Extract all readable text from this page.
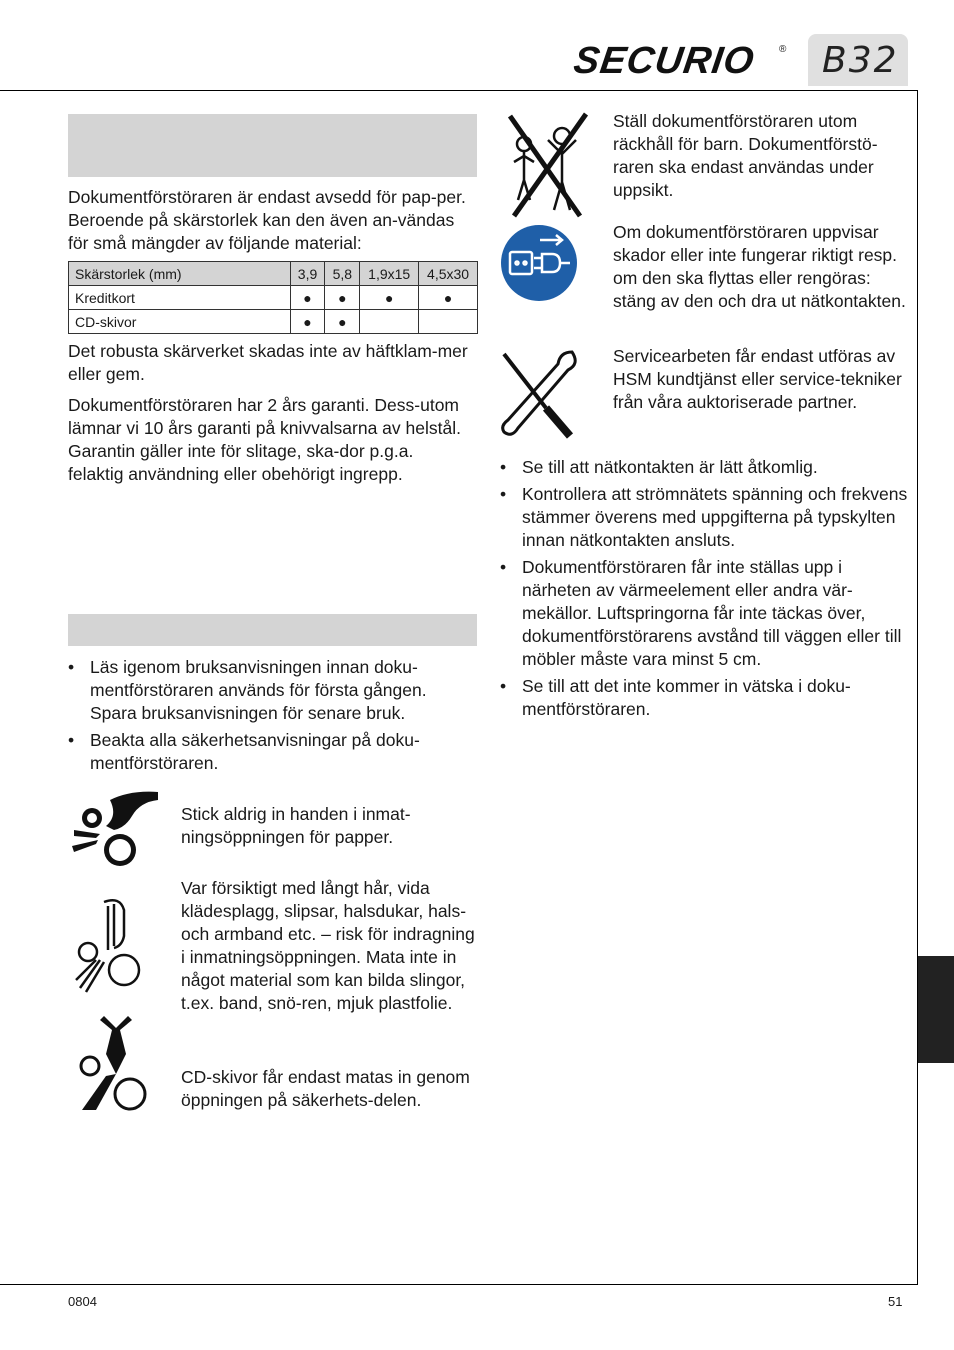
SECURIO ® B32
Dokumentförstöraren är endast avsedd för pap-per. Beroende på skärstorlek kan den även an-vändas för små mängder av följande material:
Skärstorlek (mm)	3,9	5,8	1,9x15	4,5x30
Kreditkort	●	●	●	●
CD-skivor	●	●		
Det robusta skärverket skadas inte av häftklam-mer eller gem.
Dokumentförstöraren har 2 års garanti. Dess-utom lämnar vi 10 års garanti på knivvalsarna av helstål. Garantin gäller inte för slitage, ska-dor p.g.a. felaktig användning eller obehörigt ingrepp.
• Läs igenom bruksanvisningen innan doku-mentförstöraren används för första gången. Spara bruksanvisningen för senare bruk.
• Beakta alla säkerhetsanvisningar på doku-mentförstöraren.
Stick aldrig in handen i inmat-ningsöppningen för papper.
Var försiktigt med långt hår, vida klädesplagg, slipsar, halsdukar, hals- och armband etc. – risk för indragning i inmatningsöppningen. Mata inte in något material som kan bilda slingor, t.ex. band, snö-ren, mjuk plastfolie.
CD-skivor får endast matas in genom öppningen på säkerhets-delen.
Ställ dokumentförstöraren utom räckhåll för barn. Dokumentförstö-raren ska endast användas under uppsikt.
Om dokumentförstöraren uppvisar skador eller inte fungerar riktigt resp. om den ska flyttas eller rengöras: stäng av den och dra ut nätkontakten.
Servicearbeten får endast utföras av HSM kundtjänst eller service-tekniker från våra auktoriserade partner.
• Se till att nätkontakten är lätt åtkomlig.
• Kontrollera att strömnätets spänning och frekvens stämmer överens med uppgifterna på typskylten innan nätkontakten ansluts.
• Dokumentförstöraren får inte ställas upp i närheten av värmeelement eller andra vär-mekällor. Luftspringorna får inte täckas över, dokumentförstörarens avstånd till väggen eller till möbler måste vara minst 5 cm.
• Se till att det inte kommer in vätska i doku-mentförstöraren.
0804	51
